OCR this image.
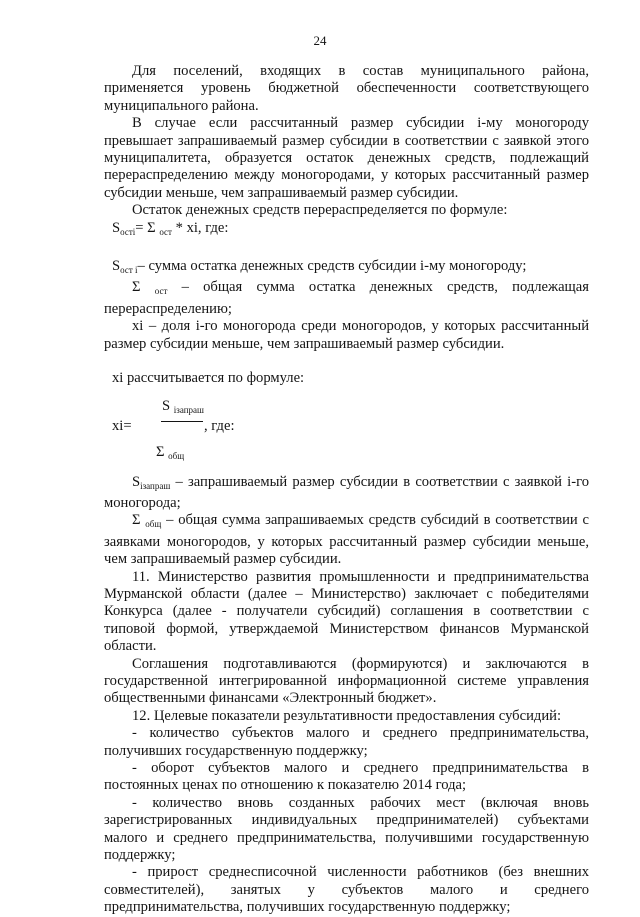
24

Для поселений, входящих в состав муниципального района, применяется уровень бюджетной обеспеченности соответствующего муниципального района.

В случае если рассчитанный размер субсидии i-му моногороду превышает запрашиваемый размер субсидии в соответствии с заявкой этого муниципалитета, образуется остаток денежных средств, подлежащий перераспределению между моногородами, у которых рассчитанный размер субсидии меньше, чем запрашиваемый размер субсидии.

Остаток денежных средств перераспределяется по формуле:

$S_{остi}= \Sigma$ $_{ост}$ * xi, где:

$S_{ост i}-$ сумма остатка денежных средств субсидии i-му моногороду;

Σ $_{ост}$ – общая сумма остатка денежных средств, подлежащая перераспределению;

xi – доля i-го моногорода среди моногородов, у которых рассчитанный размер субсидии меньше, чем запрашиваемый размер субсидии.

xi рассчитывается по формуле:

xi=
S $_{iзапраш}$
, где:
Σ $_{общ}$

$S_{iзапраш}$ – запрашиваемый размер субсидии в соответствии с заявкой i-го моногорода;

Σ $_{общ}$ – общая сумма запрашиваемых средств субсидий в соответствии с заявками моногородов, у которых рассчитанный размер субсидии меньше, чем запрашиваемый размер субсидии.

11. Министерство развития промышленности и предпринимательства Мурманской области (далее – Министерство) заключает с победителями Конкурса (далее - получатели субсидий) соглашения в соответствии с типовой формой, утверждаемой Министерством финансов Мурманской области.

Соглашения подготавливаются (формируются) и заключаются в государственной интегрированной информационной системе управления общественными финансами «Электронный бюджет».

12. Целевые показатели результативности предоставления субсидий:

- количество субъектов малого и среднего предпринимательства, получивших государственную поддержку;

- оборот субъектов малого и среднего предпринимательства в постоянных ценах по отношению к показателю 2014 года;

- количество вновь созданных рабочих мест (включая вновь зарегистрированных индивидуальных предпринимателей) субъектами малого и среднего предпринимательства, получившими государственную поддержку;

- прирост среднесписочной численности работников (без внешних совместителей), занятых у субъектов малого и среднего предпринимательства, получивших государственную поддержку;
